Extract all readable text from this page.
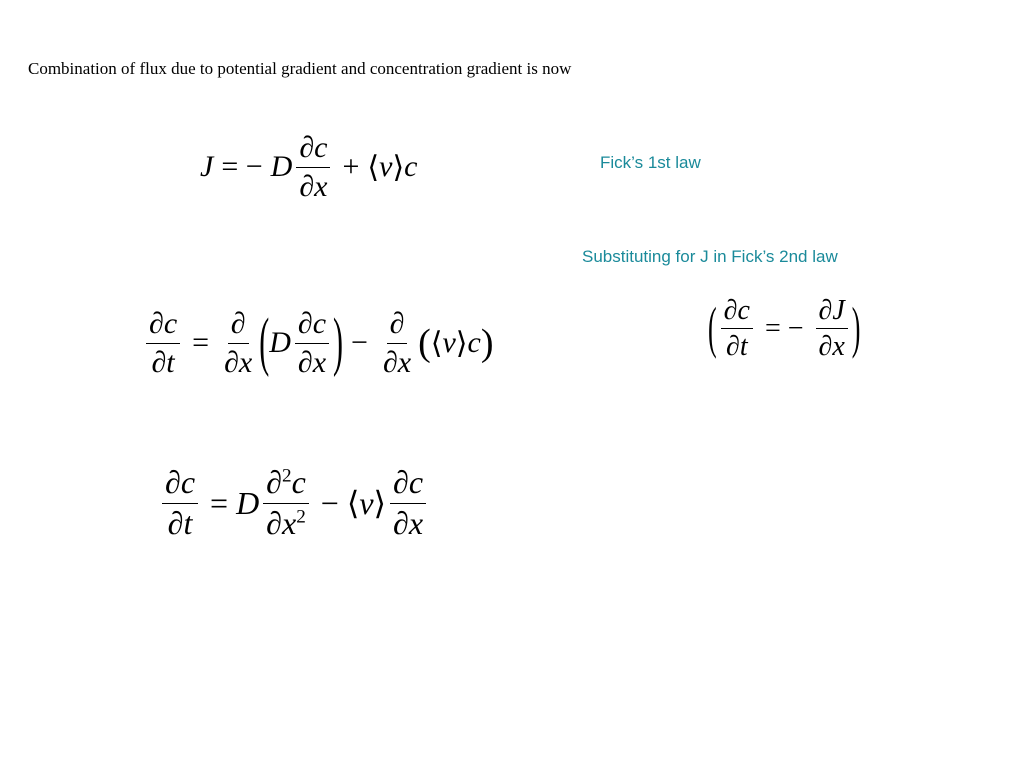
Combination of flux due to potential gradient and concentration gradient is now
Fick’s 1st law
Substituting for J in Fick’s 2nd law
J = − D $\frac{\partial c}{\partial x}$ + ⟨ v ⟩ c
$\frac{\partial c}{\partial t} = \frac{\partial}{\partial x}$ ( D $\frac{\partial c}{\partial x}$ ) − $\frac{\partial}{\partial x}$ ( ⟨ v ⟩ c )	( $\frac{\partial c}{\partial t}$ = − $\frac{\partial J}{\partial x}$ )
$\frac{\partial c}{\partial t} = D \frac{\partial^2c}{\partial x^2}$ − ⟨ v ⟩ $\frac{\partial c}{\partial x}$
